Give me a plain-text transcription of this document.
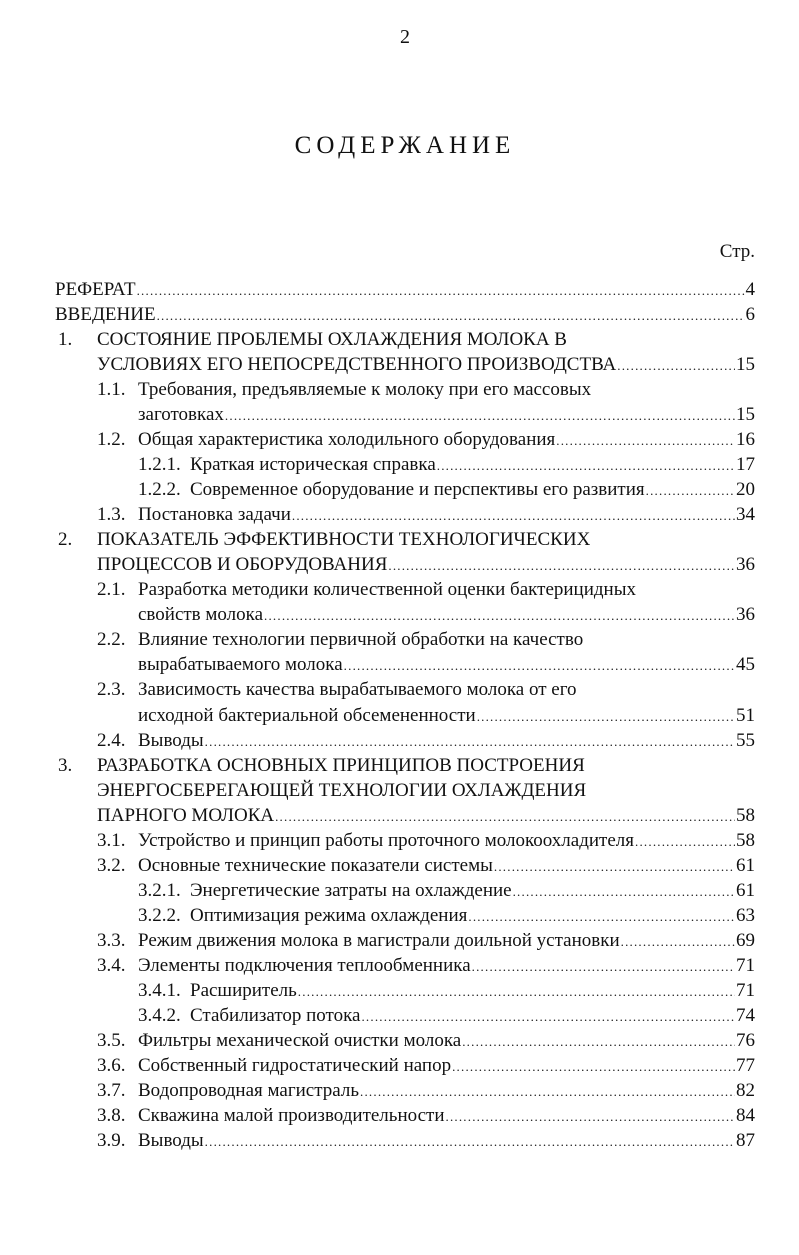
2
СОДЕРЖАНИЕ
Стр.
РЕФЕРАТ .....	4
ВВЕДЕНИЕ .....	6
1. СОСТОЯНИЕ ПРОБЛЕМЫ ОХЛАЖДЕНИЯ МОЛОКА В
УСЛОВИЯХ ЕГО НЕПОСРЕДСТВЕННОГО ПРОИЗВОДСТВА .....	15
1.1. Требования, предъявляемые к молоку при его массовых
заготовках .....	15
1.2. Общая характеристика холодильного оборудования .....	16
1.2.1. Краткая историческая справка .....	17
1.2.2. Современное оборудование и перспективы его развития .....	20
1.3. Постановка задачи .....	34
2. ПОКАЗАТЕЛЬ ЭФФЕКТИВНОСТИ ТЕХНОЛОГИЧЕСКИХ
ПРОЦЕССОВ И ОБОРУДОВАНИЯ .....	36
2.1. Разработка методики количественной оценки бактерицидных
свойств молока .....	36
2.2. Влияние технологии первичной обработки на качество
вырабатываемого молока .....	45
2.3. Зависимость качества вырабатываемого молока от его
исходной бактериальной обсемененности .....	51
2.4. Выводы .....	55
3. РАЗРАБОТКА ОСНОВНЫХ ПРИНЦИПОВ ПОСТРОЕНИЯ
ЭНЕРГОСБЕРЕГАЮЩЕЙ ТЕХНОЛОГИИ ОХЛАЖДЕНИЯ
ПАРНОГО МОЛОКА .....	58
3.1. Устройство и принцип работы проточного молокоохладителя .....	58
3.2. Основные технические показатели системы .....	61
3.2.1. Энергетические затраты на охлаждение .....	61
3.2.2. Оптимизация режима охлаждения .....	63
3.3. Режим движения молока в магистрали доильной установки .....	69
3.4. Элементы подключения теплообменника .....	71
3.4.1. Расширитель .....	71
3.4.2. Стабилизатор потока .....	74
3.5. Фильтры механической очистки молока .....	76
3.6. Собственный гидростатический напор .....	77
3.7. Водопроводная магистраль .....	82
3.8. Скважина малой производительности .....	84
3.9. Выводы .....	87
